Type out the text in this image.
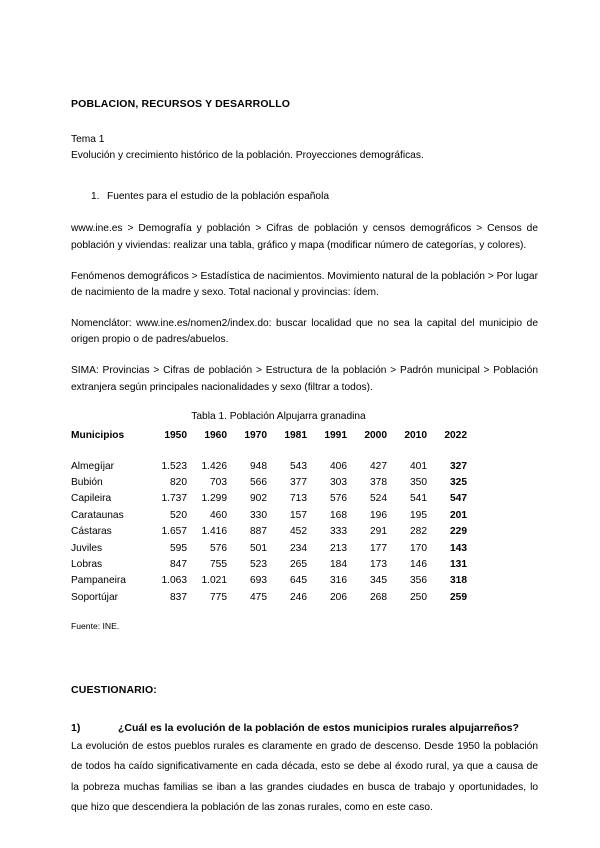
POBLACION, RECURSOS Y DESARROLLO

Tema 1

Evolución y crecimiento histórico de la población. Proyecciones demográficas.

1. Fuentes para el estudio de la población española

www.ine.es > Demografía y población > Cifras de población y censos demográficos > Censos de población y viviendas: realizar una tabla, gráfico y mapa (modificar número de categorías, y colores).

Fenómenos demográficos > Estadística de nacimientos. Movimiento natural de la población > Por lugar de nacimiento de la madre y sexo. Total nacional y provincias: ídem.

Nomenclátor: www.ine.es/nomen2/index.do: buscar localidad que no sea la capital del municipio de origen propio o de padres/abuelos.

SIMA: Provincias > Cifras de población > Estructura de la población > Padrón municipal > Población extranjera según principales nacionalidades y sexo (filtrar a todos).

Tabla 1. Población Alpujarra granadina
Municipios	1950	1960	1970	1981	1991	2000	2010	2022
Almegíjar	1.523	1.426	948	543	406	427	401	327
Bubión	820	703	566	377	303	378	350	325
Capileira	1.737	1.299	902	713	576	524	541	547
Carataunas	520	460	330	157	168	196	195	201
Cástaras	1.657	1.416	887	452	333	291	282	229
Juviles	595	576	501	234	213	177	170	143
Lobras	847	755	523	265	184	173	146	131
Pampaneira	1.063	1.021	693	645	316	345	356	318
Soportújar	837	775	475	246	206	268	250	259

Fuente: INE.

CUESTIONARIO:

1)	¿Cuál es la evolución de la población de estos municipios rurales alpujarreños?

La evolución de estos pueblos rurales es claramente en grado de descenso. Desde 1950 la población de todos ha caído significativamente en cada década, esto se debe al éxodo rural, ya que a causa de la pobreza muchas familias se iban a las grandes ciudades en busca de trabajo y oportunidades, lo que hizo que descendiera la población de las zonas rurales, como en este caso.
